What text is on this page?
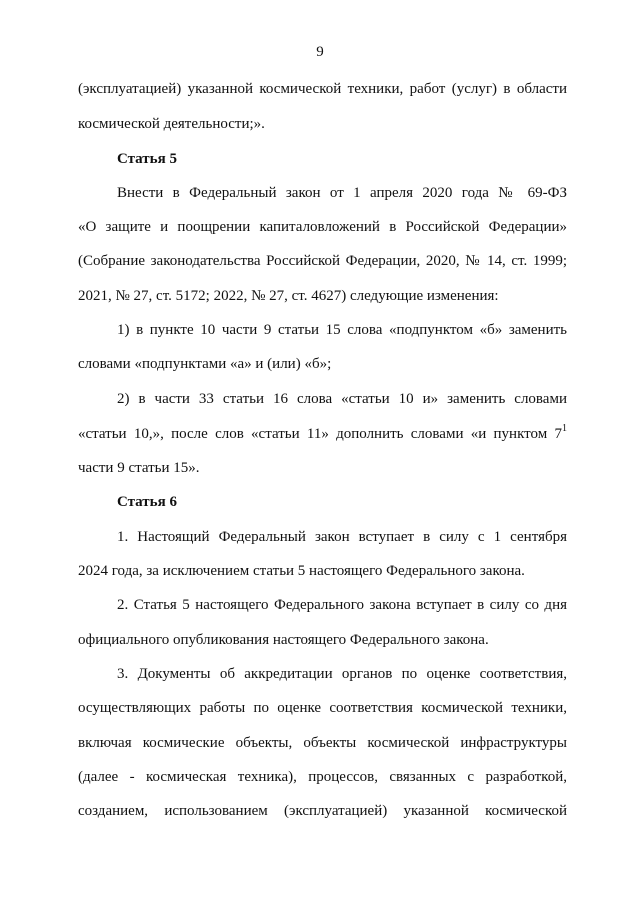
9
(эксплуатацией) указанной космической техники, работ (услуг) в области
космической деятельности;».
Статья 5
Внести в Федеральный закон от 1 апреля 2020 года № 69-ФЗ
«О защите и поощрении капиталовложений в Российской Федерации»
(Собрание законодательства Российской Федерации, 2020, № 14, ст. 1999;
2021, № 27, ст. 5172; 2022, № 27, ст. 4627) следующие изменения:
1) в пункте 10 части 9 статьи 15 слова «подпунктом «б» заменить
словами «подпунктами «а» и (или) «б»;
2) в части 33 статьи 16 слова «статьи 10 и» заменить словами
«статьи 10,», после слов «статьи 11» дополнить словами «и пунктом $7^1$
части 9 статьи 15».
Статья 6
1. Настоящий Федеральный закон вступает в силу с 1 сентября
2024 года, за исключением статьи 5 настоящего Федерального закона.
2. Статья 5 настоящего Федерального закона вступает в силу со дня
официального опубликования настоящего Федерального закона.
3. Документы об аккредитации органов по оценке соответствия,
осуществляющих работы по оценке соответствия космической техники,
включая космические объекты, объекты космической инфраструктуры
(далее - космическая техника), процессов, связанных с разработкой,
созданием, использованием (эксплуатацией) указанной космической
